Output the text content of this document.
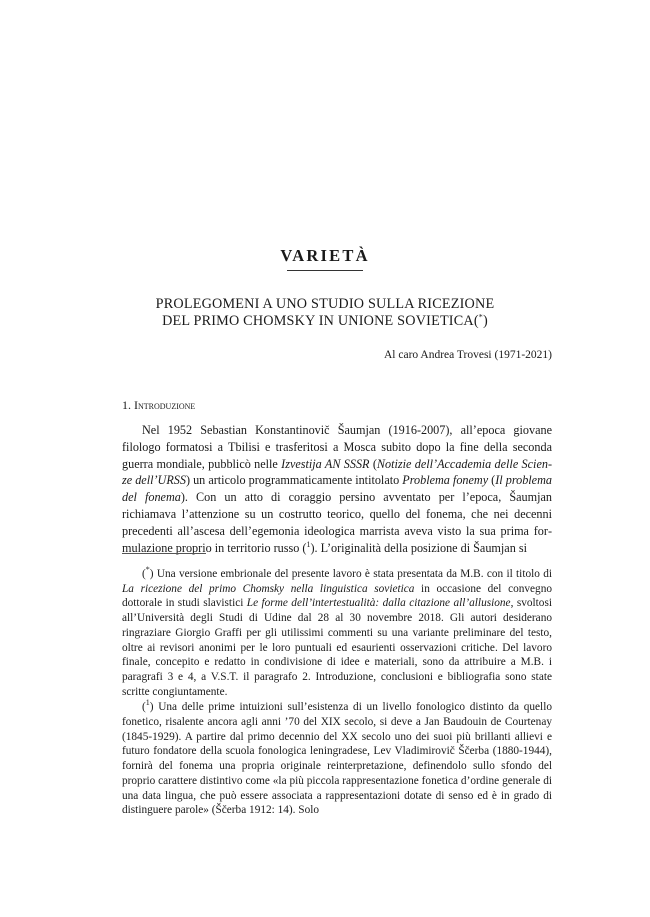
VARIETÀ
PROLEGOMENI A UNO STUDIO SULLA RICEZIONE
DEL PRIMO CHOMSKY IN UNIONE SOVIETICA(*)
Al caro Andrea Trovesi (1971-2021)
1. Introduzione

Nel 1952 Sebastian Konstantinovič Šaumjan (1916-2007), all’epoca giovane filologo formatosi a Tbilisi e trasferitosi a Mosca subito dopo la fine della seconda guerra mondiale, pubblicò nelle Izvestija AN SSSR (Notizie dell’Accademia delle Scienze dell’URSS) un articolo programmaticamente intitolato Problema fonemy (Il problema del fonema). Con un atto di coraggio persino avventato per l’epoca, Šaumjan richiamava l’attenzione su un costrutto teorico, quello del fonema, che nei decenni precedenti all’ascesa dell’egemonia ideologica marrista aveva visto la sua prima formulazione proprio in territorio russo ($^1$). L’originalità della posizione di Šaumjan si

(*) Una versione embrionale del presente lavoro è stata presentata da M.B. con il titolo di La ricezione del primo Chomsky nella linguistica sovietica in occasione del convegno dottorale in studi slavistici Le forme dell’intertestualità: dalla citazione all’allusione, svoltosi all’Università degli Studi di Udine dal 28 al 30 novembre 2018. Gli autori desiderano ringraziare Giorgio Graffi per gli utilissimi commenti su una variante preliminare del testo, oltre ai revisori anonimi per le loro puntuali ed esaurienti osservazioni critiche. Del lavoro finale, concepito e redatto in condivisione di idee e materiali, sono da attribuire a M.B. i paragrafi 3 e 4, a V.S.T. il paragrafo 2. Introduzione, conclusioni e bibliografia sono state scritte congiuntamente.

($^1$) Una delle prime intuizioni sull’esistenza di un livello fonologico distinto da quello fonetico, risalente ancora agli anni ’70 del XIX secolo, si deve a Jan Baudouin de Courtenay (1845-1929). A partire dal primo decennio del XX secolo uno dei suoi più brillanti allievi e futuro fondatore della scuola fonologica leningradese, Lev Vladimirovič Ščerba (1880-1944), fornirà del fonema una propria originale reinterpretazione, definendolo sullo sfondo del proprio carattere distintivo come «la più piccola rappresentazione fonetica d’ordine generale di una data lingua, che può essere associata a rappresentazioni dotate di senso ed è in grado di distinguere parole» (Ščerba 1912: 14). Solo
